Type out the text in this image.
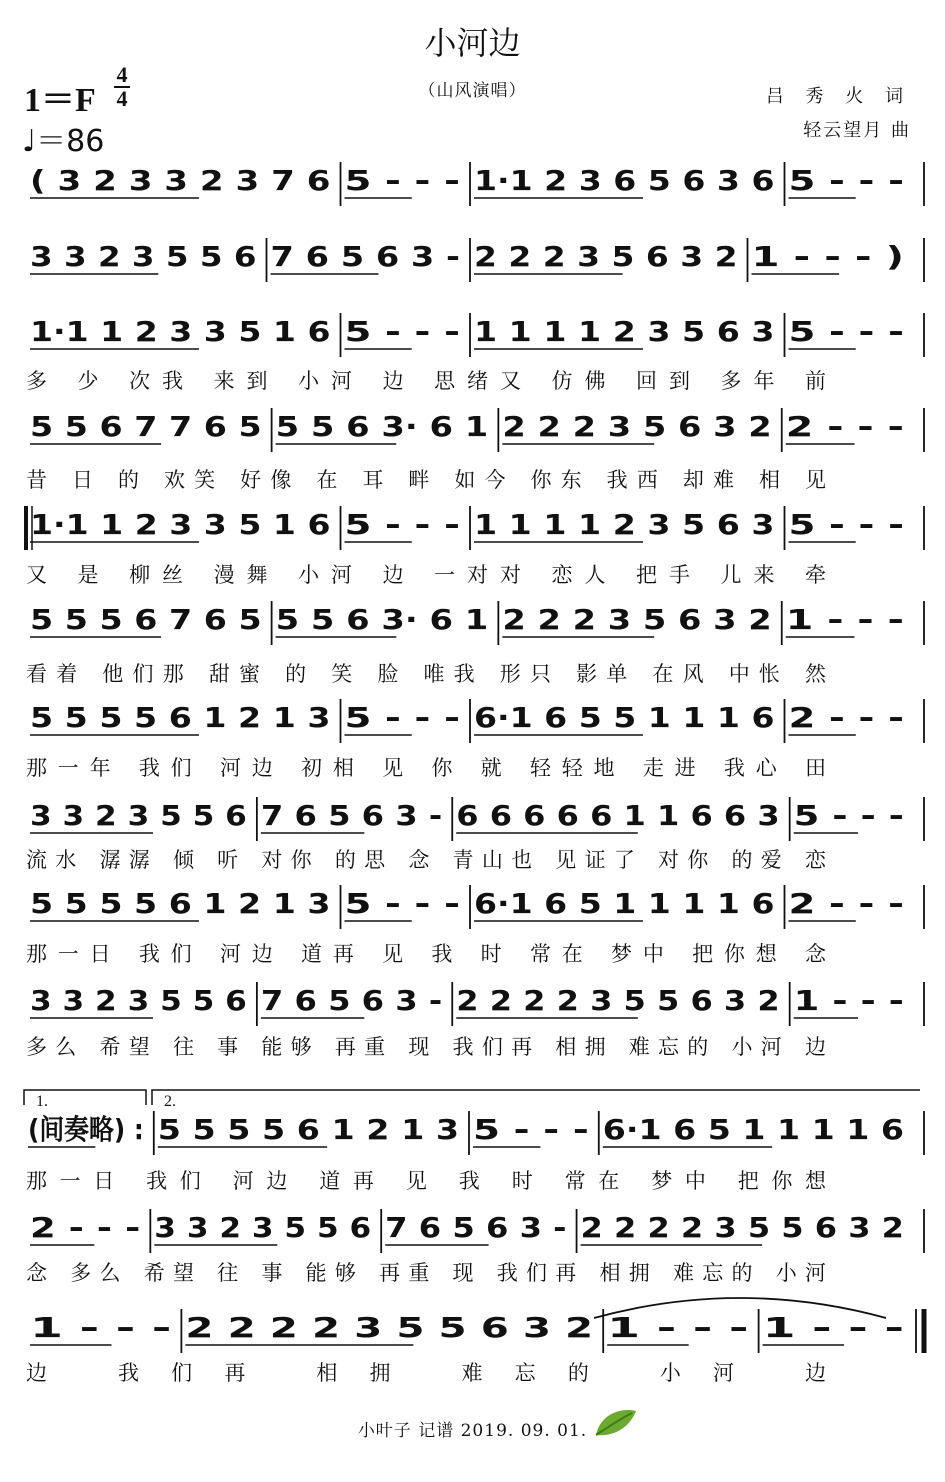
小河边
（山风演唱）
1＝F
4
4
♩＝86
吕 秀 火 词
轻云望月 曲
( 3 2 3 3 2 3 7 6 5 - - - 1·1 2 3 6 5 6 3 6 5 - - -
3 3 2 3 5 5 6 7 6 5 6 3 - 2 2 2 3 5 6 3 2 1 - - - )
1·1 1 2 3 3 5 1 6 5 - - - 1 1 1 1 2 3 5 6 3 5 - - -
多 少 次我 来到 小河 边 思绪又 仿佛 回到 多年 前
5 5 6 7 7 6 5 5 5 6 3· 6 1 2 2 2 3 5 6 3 2 2 - - -
昔 日 的 欢笑 好像 在 耳 畔 如今 你东 我西 却难 相 见
1·1 1 2 3 3 5 1 6 5 - - - 1 1 1 1 2 3 5 6 3 5 - - -
又 是 柳丝 漫舞 小河 边 一对对 恋人 把手 儿来 牵
5 5 5 6 7 6 5 5 5 6 3· 6 1 2 2 2 3 5 6 3 2 1 - - -
看着 他们那 甜蜜 的 笑 脸 唯我 形只 影单 在风 中怅 然
5 5 5 5 6 1 2 1 3 5 - - - 6·1 6 5 5 1 1 1 6 2 - - -
那一年 我们 河边 初相 见 你 就 轻轻地 走进 我心 田
3 3 2 3 5 5 6 7 6 5 6 3 - 6 6 6 6 6 1 1 6 6 3 5 - - -
流水 潺潺 倾 听 对你 的思 念 青山也 见证了 对你 的爱 恋
5 5 5 5 6 1 2 1 3 5 - - - 6·1 6 5 1 1 1 1 6 2 - - -
那一日 我们 河边 道再 见 我 时 常在 梦中 把你想 念
3 3 2 3 5 5 6 7 6 5 6 3 - 2 2 2 2 3 5 5 6 3 2 1 - - -
多么 希望 往 事 能够 再重 现 我们再 相拥 难忘的 小河 边
(间奏略) : 5 5 5 5 6 1 2 1 3 5 - - - 6·1 6 5 1 1 1 1 6
那一日 我们 河边 道再 见 我 时 常在 梦中 把你想
2 - - - 3 3 2 3 5 5 6 7 6 5 6 3 - 2 2 2 2 3 5 5 6 3 2
念 多么 希望 往 事 能够 再重 现 我们再 相拥 难忘的 小河
1 - - - 2 2 2 2 3 5 5 6 3 2 1 - - - 1 - - -
边 我们再 相拥 难忘的 小河 边
1.	2.
小叶子 记谱 2019. 09. 01.
